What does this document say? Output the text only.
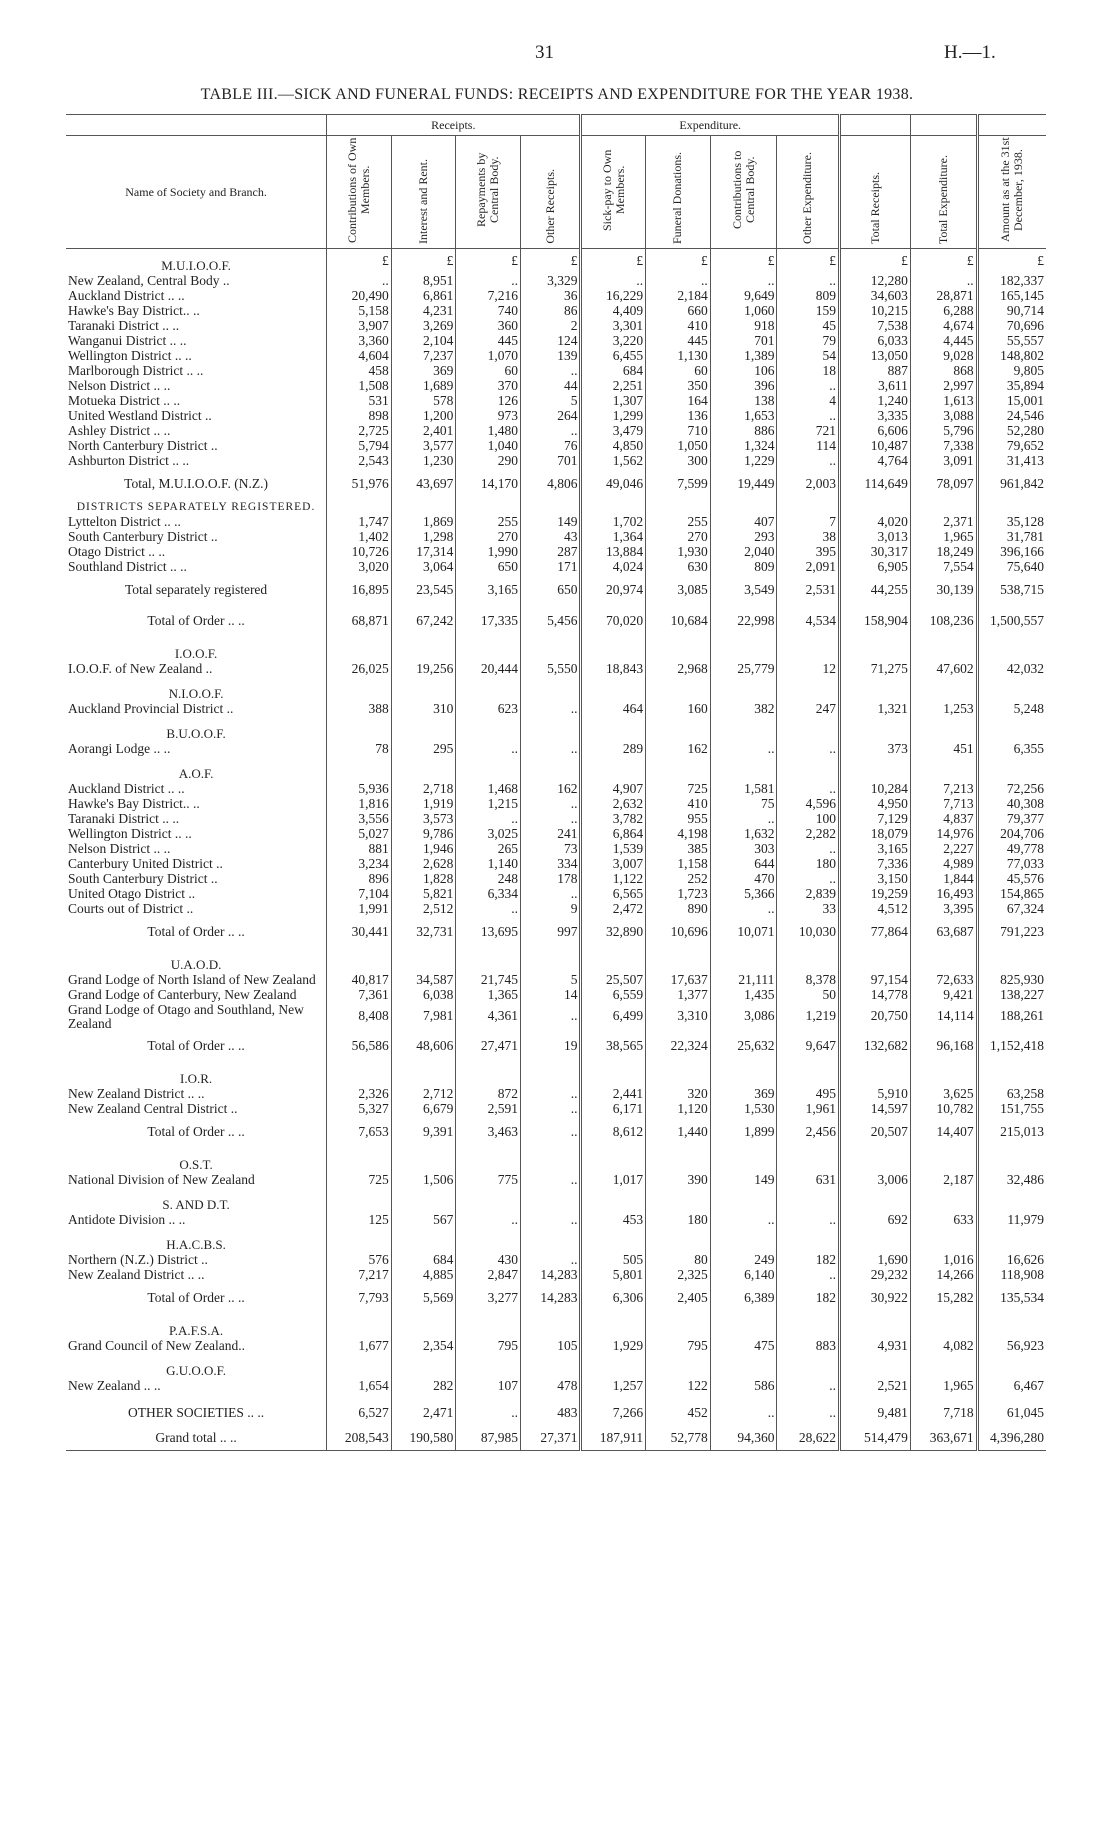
31	H.—1.
TABLE III.—SICK AND FUNERAL FUNDS: RECEIPTS AND EXPENDITURE FOR THE YEAR 1938.
	Receipts.				Expenditure.						
Name of Society and Branch.	Contributions of Own Members.	Interest and Rent.	Repayments by Central Body.	Other Receipts.	Sick-pay to Own Members.	Funeral Donations.	Contributions to Central Body.	Other Expenditure.	Total Receipts.	Total Expenditure.	Amount as at the 31st December, 1938.
M.U.I.O.O.F.	£	£	£	£	£	£	£	£	£	£	£
New Zealand, Central Body ..	..	8,951	..	3,329	..	..	..	..	12,280	..	182,337
Auckland District .. ..	20,490	6,861	7,216	36	16,229	2,184	9,649	809	34,603	28,871	165,145
Hawke's Bay District.. ..	5,158	4,231	740	86	4,409	660	1,060	159	10,215	6,288	90,714
Taranaki District .. ..	3,907	3,269	360	2	3,301	410	918	45	7,538	4,674	70,696
Wanganui District .. ..	3,360	2,104	445	124	3,220	445	701	79	6,033	4,445	55,557
Wellington District .. ..	4,604	7,237	1,070	139	6,455	1,130	1,389	54	13,050	9,028	148,802
Marlborough District .. ..	458	369	60	..	684	60	106	18	887	868	9,805
Nelson District .. ..	1,508	1,689	370	44	2,251	350	396	..	3,611	2,997	35,894
Motueka District .. ..	531	578	126	5	1,307	164	138	4	1,240	1,613	15,001
United Westland District ..	898	1,200	973	264	1,299	136	1,653	..	3,335	3,088	24,546
Ashley District .. ..	2,725	2,401	1,480	..	3,479	710	886	721	6,606	5,796	52,280
North Canterbury District ..	5,794	3,577	1,040	76	4,850	1,050	1,324	114	10,487	7,338	79,652
Ashburton District .. ..	2,543	1,230	290	701	1,562	300	1,229	..	4,764	3,091	31,413
Total, M.U.I.O.O.F. (N.Z.)	51,976	43,697	14,170	4,806	49,046	7,599	19,449	2,003	114,649	78,097	961,842
DISTRICTS SEPARATELY REGISTERED.											
Lyttelton District .. ..	1,747	1,869	255	149	1,702	255	407	7	4,020	2,371	35,128
South Canterbury District ..	1,402	1,298	270	43	1,364	270	293	38	3,013	1,965	31,781
Otago District .. ..	10,726	17,314	1,990	287	13,884	1,930	2,040	395	30,317	18,249	396,166
Southland District .. ..	3,020	3,064	650	171	4,024	630	809	2,091	6,905	7,554	75,640
Total separately registered	16,895	23,545	3,165	650	20,974	3,085	3,549	2,531	44,255	30,139	538,715
Total of Order .. ..	68,871	67,242	17,335	5,456	70,020	10,684	22,998	4,534	158,904	108,236	1,500,557
I.O.O.F.											
I.O.O.F. of New Zealand ..	26,025	19,256	20,444	5,550	18,843	2,968	25,779	12	71,275	47,602	42,032
N.I.O.O.F.											
Auckland Provincial District ..	388	310	623	..	464	160	382	247	1,321	1,253	5,248
B.U.O.O.F.											
Aorangi Lodge .. ..	78	295	..	..	289	162	..	..	373	451	6,355
A.O.F.											
Auckland District .. ..	5,936	2,718	1,468	162	4,907	725	1,581	..	10,284	7,213	72,256
Hawke's Bay District.. ..	1,816	1,919	1,215	..	2,632	410	75	4,596	4,950	7,713	40,308
Taranaki District .. ..	3,556	3,573	..	..	3,782	955	..	100	7,129	4,837	79,377
Wellington District .. ..	5,027	9,786	3,025	241	6,864	4,198	1,632	2,282	18,079	14,976	204,706
Nelson District .. ..	881	1,946	265	73	1,539	385	303	..	3,165	2,227	49,778
Canterbury United District ..	3,234	2,628	1,140	334	3,007	1,158	644	180	7,336	4,989	77,033
South Canterbury District ..	896	1,828	248	178	1,122	252	470	..	3,150	1,844	45,576
United Otago District ..	7,104	5,821	6,334	..	6,565	1,723	5,366	2,839	19,259	16,493	154,865
Courts out of District ..	1,991	2,512	..	9	2,472	890	..	33	4,512	3,395	67,324
Total of Order .. ..	30,441	32,731	13,695	997	32,890	10,696	10,071	10,030	77,864	63,687	791,223
U.A.O.D.											
Grand Lodge of North Island of New Zealand	40,817	34,587	21,745	5	25,507	17,637	21,111	8,378	97,154	72,633	825,930
Grand Lodge of Canterbury, New Zealand	7,361	6,038	1,365	14	6,559	1,377	1,435	50	14,778	9,421	138,227
Grand Lodge of Otago and Southland, New Zealand	8,408	7,981	4,361	..	6,499	3,310	3,086	1,219	20,750	14,114	188,261
Total of Order .. ..	56,586	48,606	27,471	19	38,565	22,324	25,632	9,647	132,682	96,168	1,152,418
I.O.R.											
New Zealand District .. ..	2,326	2,712	872	..	2,441	320	369	495	5,910	3,625	63,258
New Zealand Central District ..	5,327	6,679	2,591	..	6,171	1,120	1,530	1,961	14,597	10,782	151,755
Total of Order .. ..	7,653	9,391	3,463	..	8,612	1,440	1,899	2,456	20,507	14,407	215,013
O.S.T.											
National Division of New Zealand	725	1,506	775	..	1,017	390	149	631	3,006	2,187	32,486
S. AND D.T.											
Antidote Division .. ..	125	567	..	..	453	180	..	..	692	633	11,979
H.A.C.B.S.											
Northern (N.Z.) District ..	576	684	430	..	505	80	249	182	1,690	1,016	16,626
New Zealand District .. ..	7,217	4,885	2,847	14,283	5,801	2,325	6,140	..	29,232	14,266	118,908
Total of Order .. ..	7,793	5,569	3,277	14,283	6,306	2,405	6,389	182	30,922	15,282	135,534
P.A.F.S.A.											
Grand Council of New Zealand..	1,677	2,354	795	105	1,929	795	475	883	4,931	4,082	56,923
G.U.O.O.F.											
New Zealand .. ..	1,654	282	107	478	1,257	122	586	..	2,521	1,965	6,467
OTHER SOCIETIES .. ..	6,527	2,471	..	483	7,266	452	..	..	9,481	7,718	61,045
Grand total .. ..	208,543	190,580	87,985	27,371	187,911	52,778	94,360	28,622	514,479	363,671	4,396,280
